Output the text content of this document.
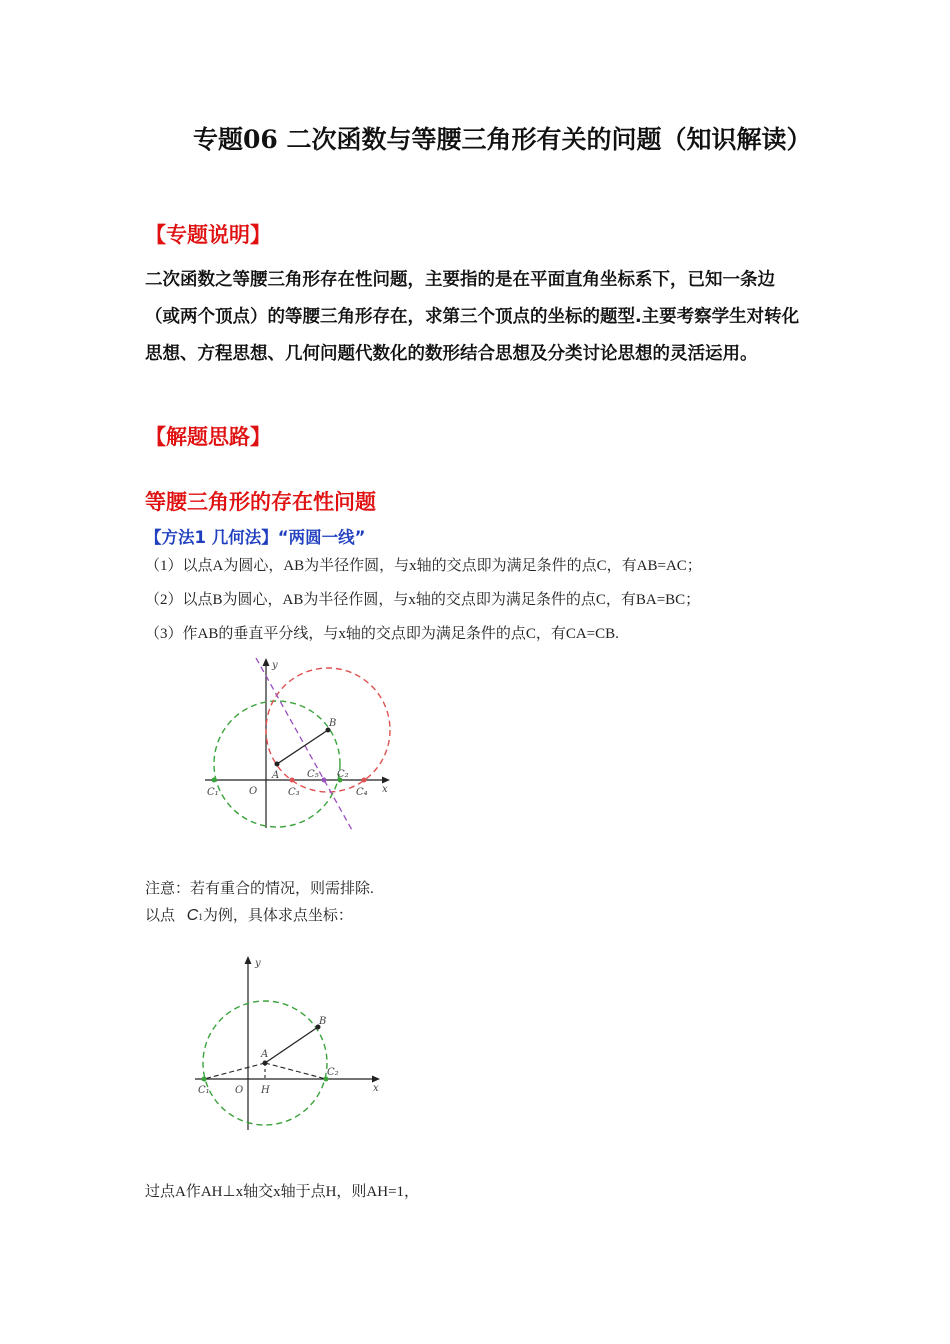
专题06 二次函数与等腰三角形有关的问题（知识解读）
【专题说明】
二次函数之等腰三角形存在性问题，主要指的是在平面直角坐标系下，已知一条边（或两个顶点）的等腰三角形存在，求第三个顶点的坐标的题型.主要考察学生对转化思想、方程思想、几何问题代数化的数形结合思想及分类讨论思想的灵活运用。
【解题思路】
等腰三角形的存在性问题
【方法1 几何法】“两圆一线”
（1）以点A为圆心，AB为半径作圆，与x轴的交点即为满足条件的点C，有AB=AC；
（2）以点B为圆心，AB为半径作圆，与x轴的交点即为满足条件的点C，有BA=BC；
（3）作AB的垂直平分线，与x轴的交点即为满足条件的点C，有CA=CB.
y
x
O
A
B
C₁
C₂
C₃	C₄
C₅
注意：若有重合的情况，则需排除.
以点 C1为例，具体求点坐标：
y
x
O
A
B
H
C₁
C₂
过点A作AH⊥x轴交x轴于点H，则AH=1，
